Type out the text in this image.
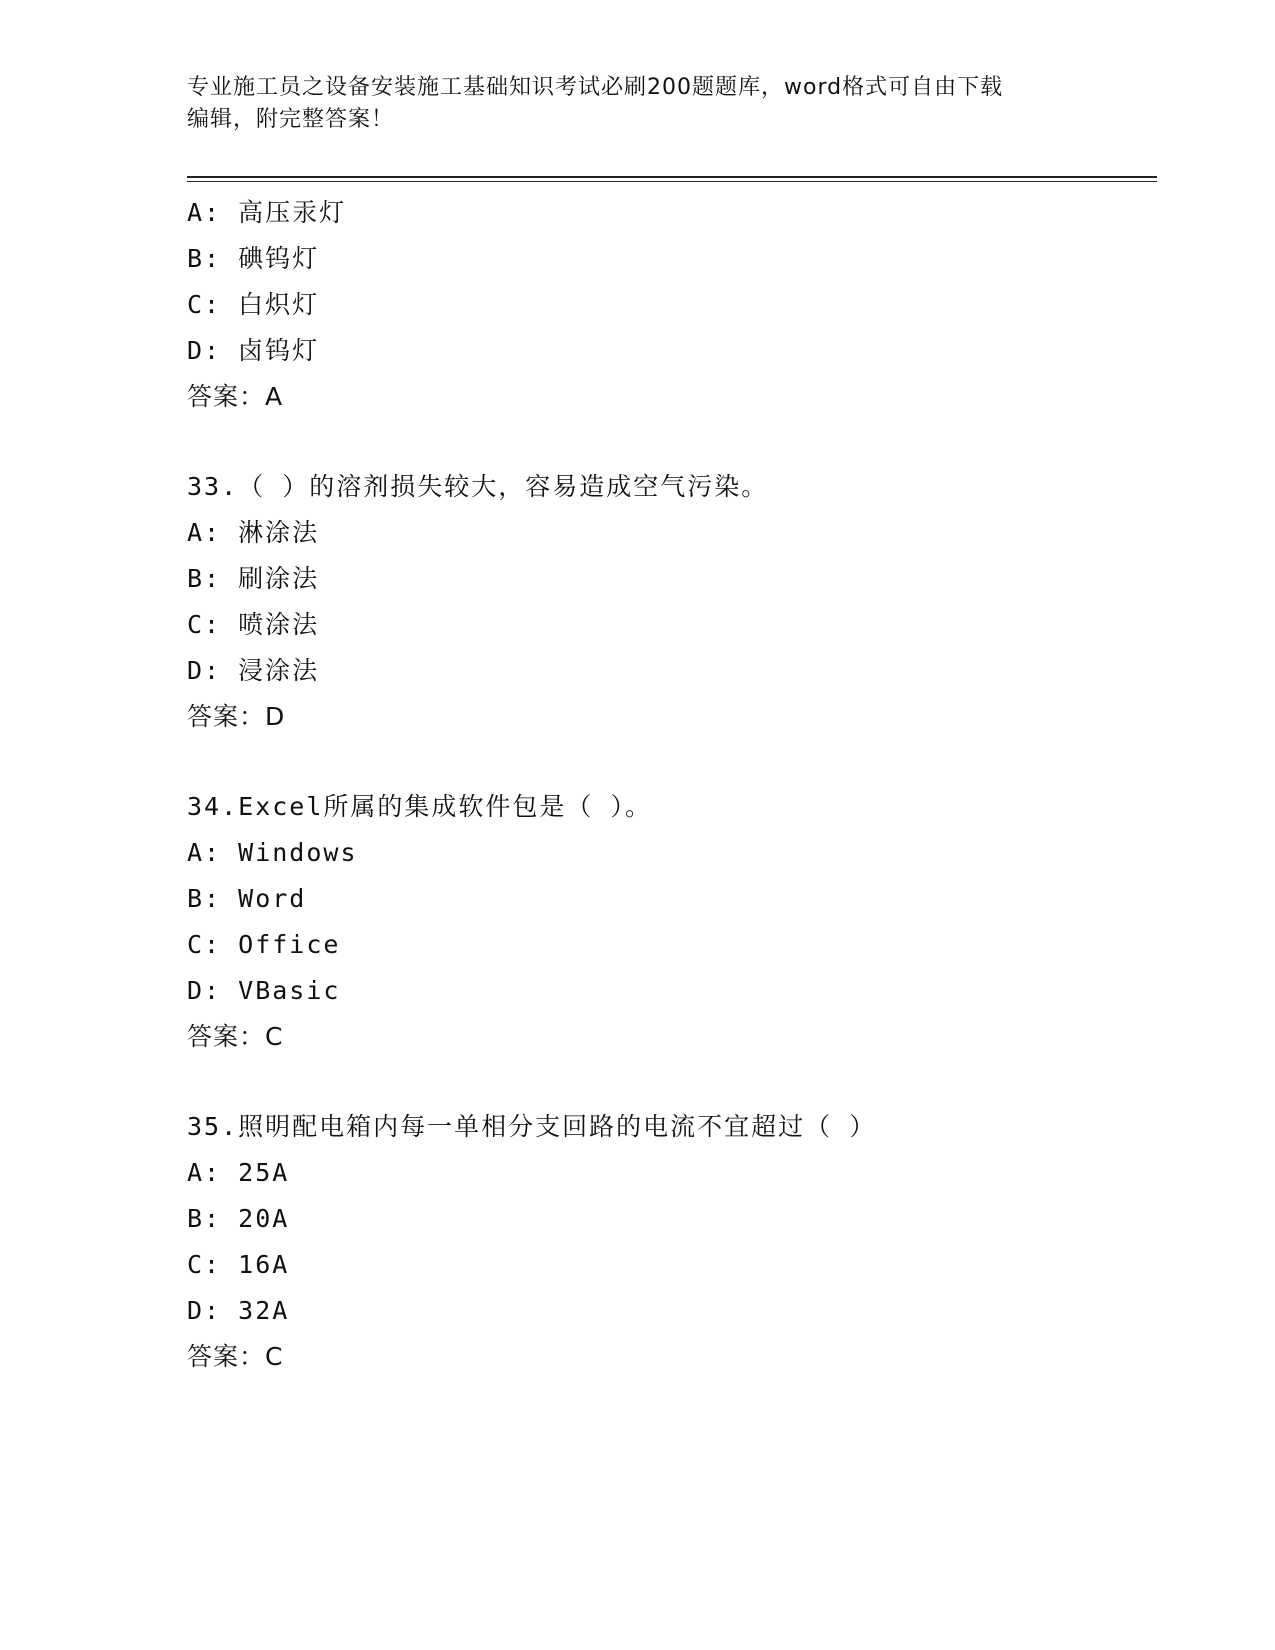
专业施工员之设备安装施工基础知识考试必刷200题题库，word格式可自由下载
编辑，附完整答案！
A: 高压汞灯
B: 碘钨灯
C: 白炽灯
D: 卤钨灯
答案：A
33.（ ）的溶剂损失较大，容易造成空气污染。
A: 淋涂法
B: 刷涂法
C: 喷涂法
D: 浸涂法
答案：D
34.Excel所属的集成软件包是（ ）。
A: Windows
B: Word
C: Office
D: VBasic
答案：C
35.照明配电箱内每一单相分支回路的电流不宜超过（ ）
A: 25A
B: 20A
C: 16A
D: 32A
答案：C
